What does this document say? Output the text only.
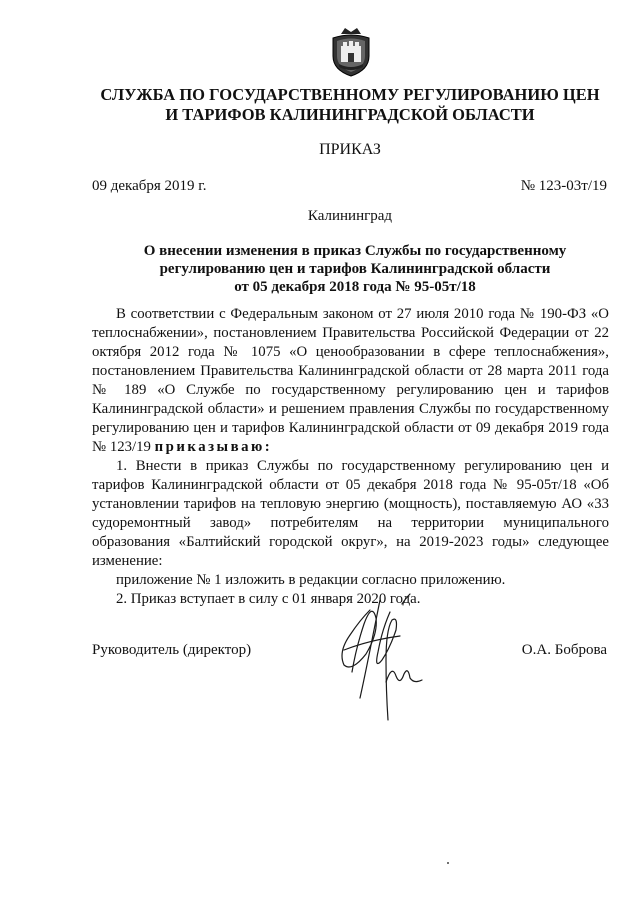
СЛУЖБА ПО ГОСУДАРСТВЕННОМУ РЕГУЛИРОВАНИЮ ЦЕН
И ТАРИФОВ КАЛИНИНГРАДСКОЙ ОБЛАСТИ
ПРИКАЗ
09 декабря 2019 г.	№ 123-03т/19
Калининград
О внесении изменения в приказ Службы по государственному
регулированию цен и тарифов Калининградской области
от 05 декабря 2018 года № 95-05т/18

В соответствии с Федеральным законом от 27 июля 2010 года № 190-ФЗ «О теплоснабжении», постановлением Правительства Российской Федерации от 22 октября 2012 года № 1075 «О ценообразовании в сфере теплоснабжения», постановлением Правительства Калининградской области от 28 марта 2011 года № 189 «О Службе по государственному регулированию цен и тарифов Калининградской области» и решением правления Службы по государственному регулированию цен и тарифов Калининградской области от 09 декабря 2019 года № 123/19 приказываю:

1. Внести в приказ Службы по государственному регулированию цен и тарифов Калининградской области от 05 декабря 2018 года № 95-05т/18 «Об установлении тарифов на тепловую энергию (мощность), поставляемую АО «33 судоремонтный завод» потребителям на территории муниципального образования «Балтийский городской округ», на 2019-2023 годы» следующее изменение:

приложение № 1 изложить в редакции согласно приложению.

2. Приказ вступает в силу с 01 января 2020 года.

Руководитель (директор)	О.А. Боброва
